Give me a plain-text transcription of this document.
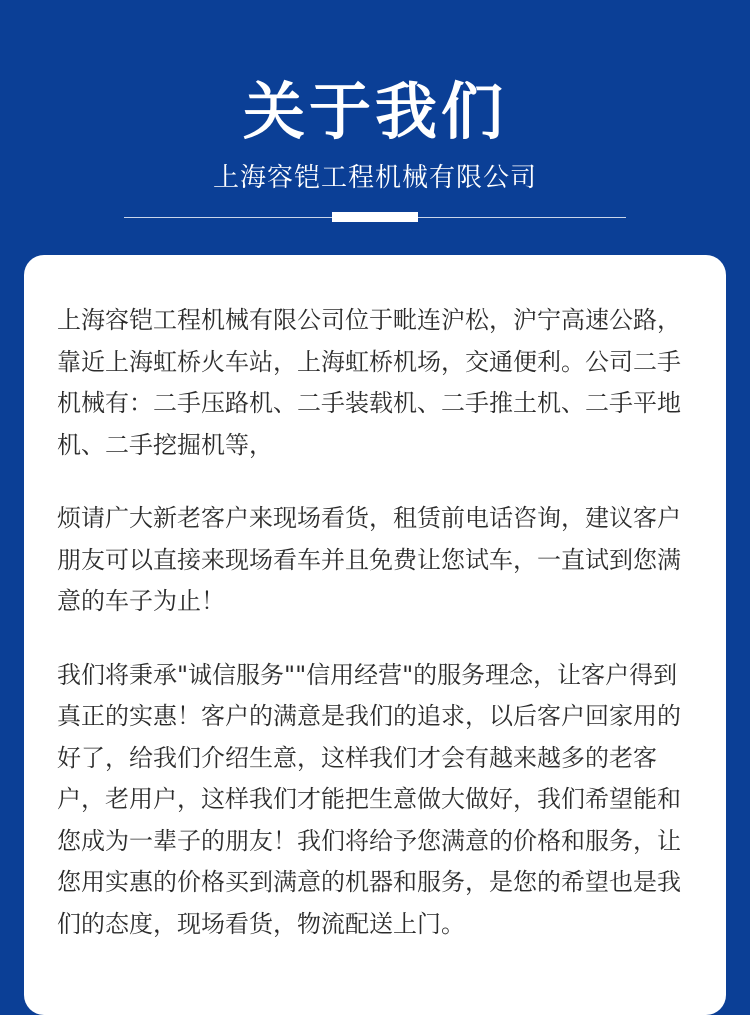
关于我们
上海容铠工程机械有限公司

上海容铠工程机械有限公司位于毗连沪松，沪宁高速公路，靠近上海虹桥火车站，上海虹桥机场，交通便利。公司二手机械有：二手压路机、二手装载机、二手推土机、二手平地机、二手挖掘机等，

烦请广大新老客户来现场看货，租赁前电话咨询，建议客户朋友可以直接来现场看车并且免费让您试车，一直试到您满意的车子为止！

我们将秉承"诚信服务""信用经营"的服务理念，让客户得到真正的实惠！客户的满意是我们的追求，以后客户回家用的好了，给我们介绍生意，这样我们才会有越来越多的老客户，老用户，这样我们才能把生意做大做好，我们希望能和您成为一辈子的朋友！我们将给予您满意的价格和服务，让您用实惠的价格买到满意的机器和服务，是您的希望也是我们的态度，现场看货，物流配送上门。
